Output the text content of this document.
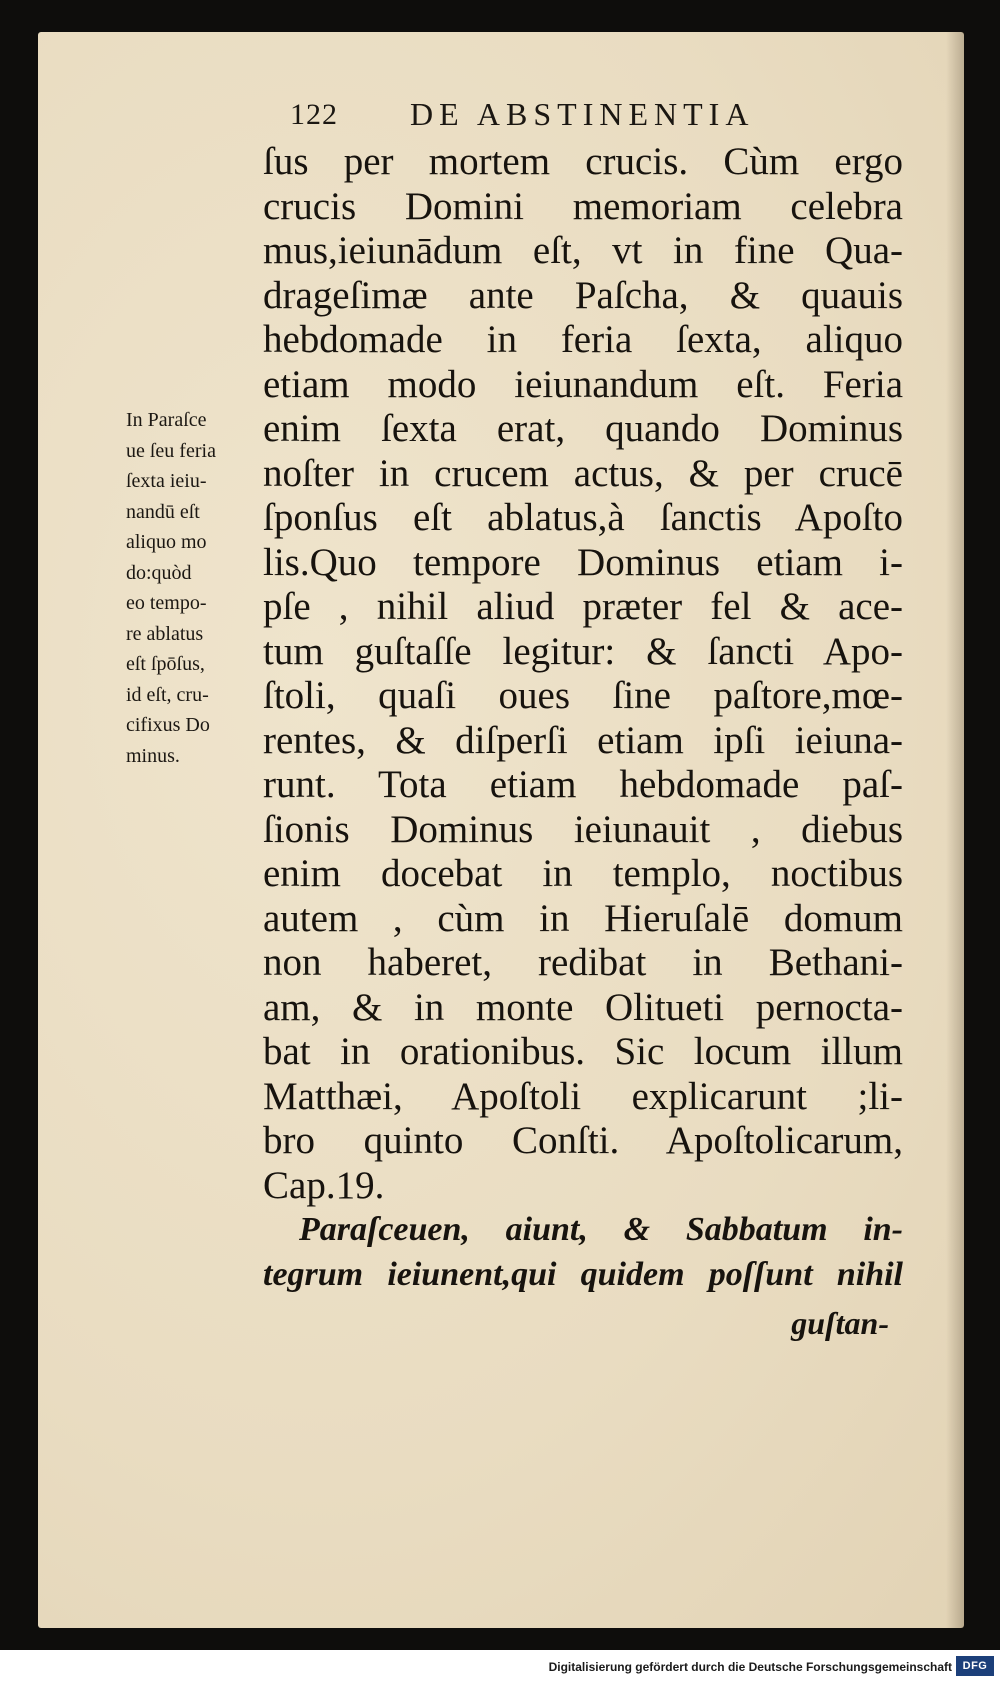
122 DE ABSTINENTIA
ſus per mortem crucis. Cùm ergo
crucis Domini memoriam celebra
mus,ieiunādum eſt, vt in fine Qua-
drageſimæ ante Paſcha, & quauis
hebdomade in feria ſexta, aliquo
etiam modo ieiunandum eſt. Feria
enim ſexta erat, quando Dominus
noſter in crucem actus, & per crucē
ſponſus eſt ablatus,à ſanctis Apoſto
lis.Quo tempore Dominus etiam i-
pſe , nihil aliud præter fel & ace-
tum guſtaſſe legitur: & ſancti Apo-
ſtoli, quaſi oues ſine paſtore,mœ-
rentes, & diſperſi etiam ipſi ieiuna-
runt. Tota etiam hebdomade paſ-
ſionis Dominus ieiunauit , diebus
enim docebat in templo, noctibus
autem , cùm in Hieruſalē domum
non haberet, redibat in Bethani-
am, & in monte Olitueti pernocta-
bat in orationibus. Sic locum illum
Matthæi, Apoſtoli explicarunt ;li-
bro quinto Conſti. Apoſtolicarum,
Cap.19.
Paraſceuen, aiunt, & Sabbatum in-
tegrum ieiunent,qui quidem poſſunt nihil
guſtan-
In Paraſce
ue ſeu feria
ſexta ieiu-
nandū eſt
aliquo mo
do:quòd
eo tempo-
re ablatus
eſt ſpōſus,
id eſt, cru-
cifixus Do
minus.
Digitalisierung gefördert durch die Deutsche Forschungsgemeinschaft DFG
